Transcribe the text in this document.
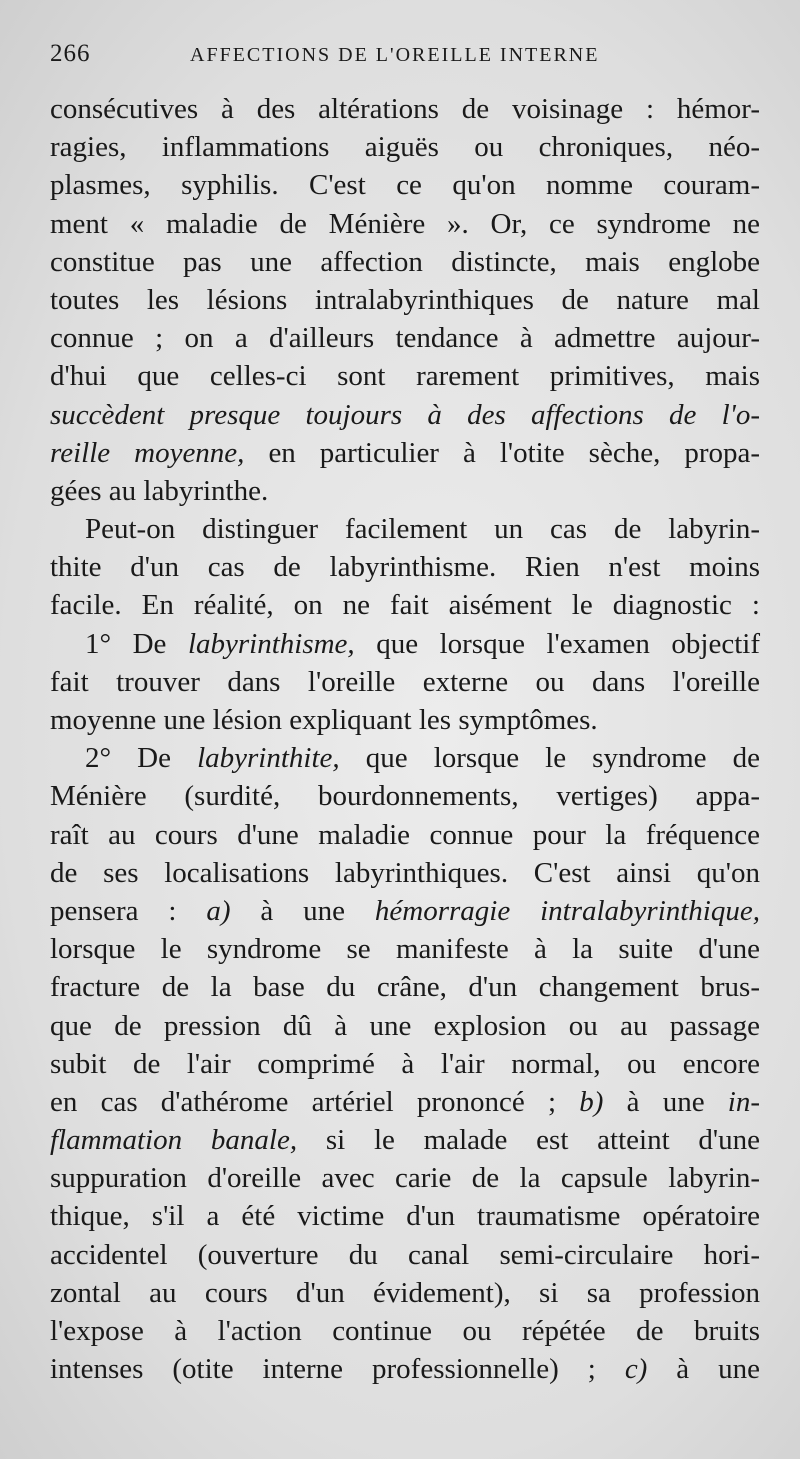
266	AFFECTIONS DE L'OREILLE INTERNE
consécutives à des altérations de voisinage : hémor-
ragies, inflammations aiguës ou chroniques, néo-
plasmes, syphilis. C'est ce qu'on nomme couram-
ment « maladie de Ménière ». Or, ce syndrome ne
constitue pas une affection distincte, mais englobe
toutes les lésions intralabyrinthiques de nature mal
connue ; on a d'ailleurs tendance à admettre aujour-
d'hui que celles-ci sont rarement primitives, mais
succèdent presque toujours à des affections de l'o-
reille moyenne, en particulier à l'otite sèche, propa-
gées au labyrinthe.
Peut-on distinguer facilement un cas de labyrin-
thite d'un cas de labyrinthisme. Rien n'est moins
facile. En réalité, on ne fait aisément le diagnostic :
1° De labyrinthisme, que lorsque l'examen objectif
fait trouver dans l'oreille externe ou dans l'oreille
moyenne une lésion expliquant les symptômes.
2° De labyrinthite, que lorsque le syndrome de
Ménière (surdité, bourdonnements, vertiges) appa-
raît au cours d'une maladie connue pour la fréquence
de ses localisations labyrinthiques. C'est ainsi qu'on
pensera : a) à une hémorragie intralabyrinthique,
lorsque le syndrome se manifeste à la suite d'une
fracture de la base du crâne, d'un changement brus-
que de pression dû à une explosion ou au passage
subit de l'air comprimé à l'air normal, ou encore
en cas d'athérome artériel prononcé ; b) à une in-
flammation banale, si le malade est atteint d'une
suppuration d'oreille avec carie de la capsule labyrin-
thique, s'il a été victime d'un traumatisme opératoire
accidentel (ouverture du canal semi-circulaire hori-
zontal au cours d'un évidement), si sa profession
l'expose à l'action continue ou répétée de bruits
intenses (otite interne professionnelle) ; c) à une
